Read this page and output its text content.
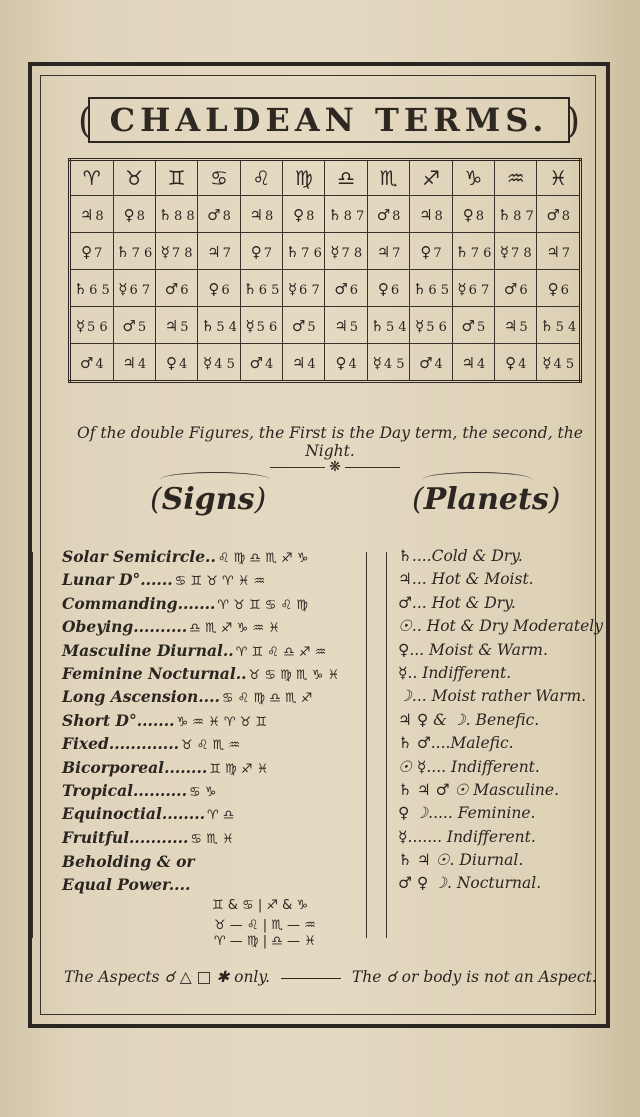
( CHALDEAN TERMS. )
♈	♉	♊	♋	♌	♍	♎	♏	♐	♑	♒	♓
♃ 8	♀ 8	♄ 8 8	♂ 8	♃ 8	♀ 8	♄ 8 7	♂ 8	♃ 8	♀ 8	♄ 8 7	♂ 8
♀ 7	♄ 7 6	☿ 7 8	♃ 7	♀ 7	♄ 7 6	☿ 7 8	♃ 7	♀ 7	♄ 7 6	☿ 7 8	♃ 7
♄ 6 5	☿ 6 7	♂ 6	♀ 6	♄ 6 5	☿ 6 7	♂ 6	♀ 6	♄ 6 5	☿ 6 7	♂ 6	♀ 6
☿ 5 6	♂ 5	♃ 5	♄ 5 4	☿ 5 6	♂ 5	♃ 5	♄ 5 4	☿ 5 6	♂ 5	♃ 5	♄ 5 4
♂ 4	♃ 4	♀ 4	☿ 4 5	♂ 4	♃ 4	♀ 4	☿ 4 5	♂ 4	♃ 4	♀ 4	☿ 4 5
Of the double Figures, the First is the Day term, the second, the Night.
❋
(Signs)	(Planets)
Solar Semicircle.. ♌ ♍ ♎ ♏ ♐ ♑
Lunar D°...... ♋ ♊ ♉ ♈ ♓ ♒
Commanding....... ♈ ♉ ♊ ♋ ♌ ♍
Obeying.......... ♎ ♏ ♐ ♑ ♒ ♓
Masculine Diurnal.. ♈ ♊ ♌ ♎ ♐ ♒
Feminine Nocturnal.. ♉ ♋ ♍ ♏ ♑ ♓
Long Ascension.... ♋ ♌ ♍ ♎ ♏ ♐
Short D°....... ♑ ♒ ♓ ♈ ♉ ♊
Fixed............. ♉ ♌ ♏ ♒
Bicorporeal........ ♊ ♍ ♐ ♓
Tropical.......... ♋ ♑
Equinoctial........ ♈ ♎
Fruitful........... ♋ ♏ ♓
Beholding & or
Equal Power....
♊ & ♋ | ♐ & ♑
♉ — ♌ | ♏ — ♒
♈ — ♍ | ♎ — ♓
♄....Cold & Dry.
♃... Hot & Moist.
♂... Hot & Dry.
☉.. Hot & Dry Moderately
♀... Moist & Warm.
☿.. Indifferent.
☽... Moist rather Warm.
♃ ♀ & ☽. Benefic.
♄ ♂....Malefic.
☉ ☿.... Indifferent.
♄ ♃ ♂ ☉ Masculine.
♀ ☽..... Feminine.
☿....... Indifferent.
♄ ♃ ☉. Diurnal.
♂ ♀ ☽. Nocturnal.
The Aspects ☌ △ □ ✱ only.	The ☌ or body is not an Aspect.
